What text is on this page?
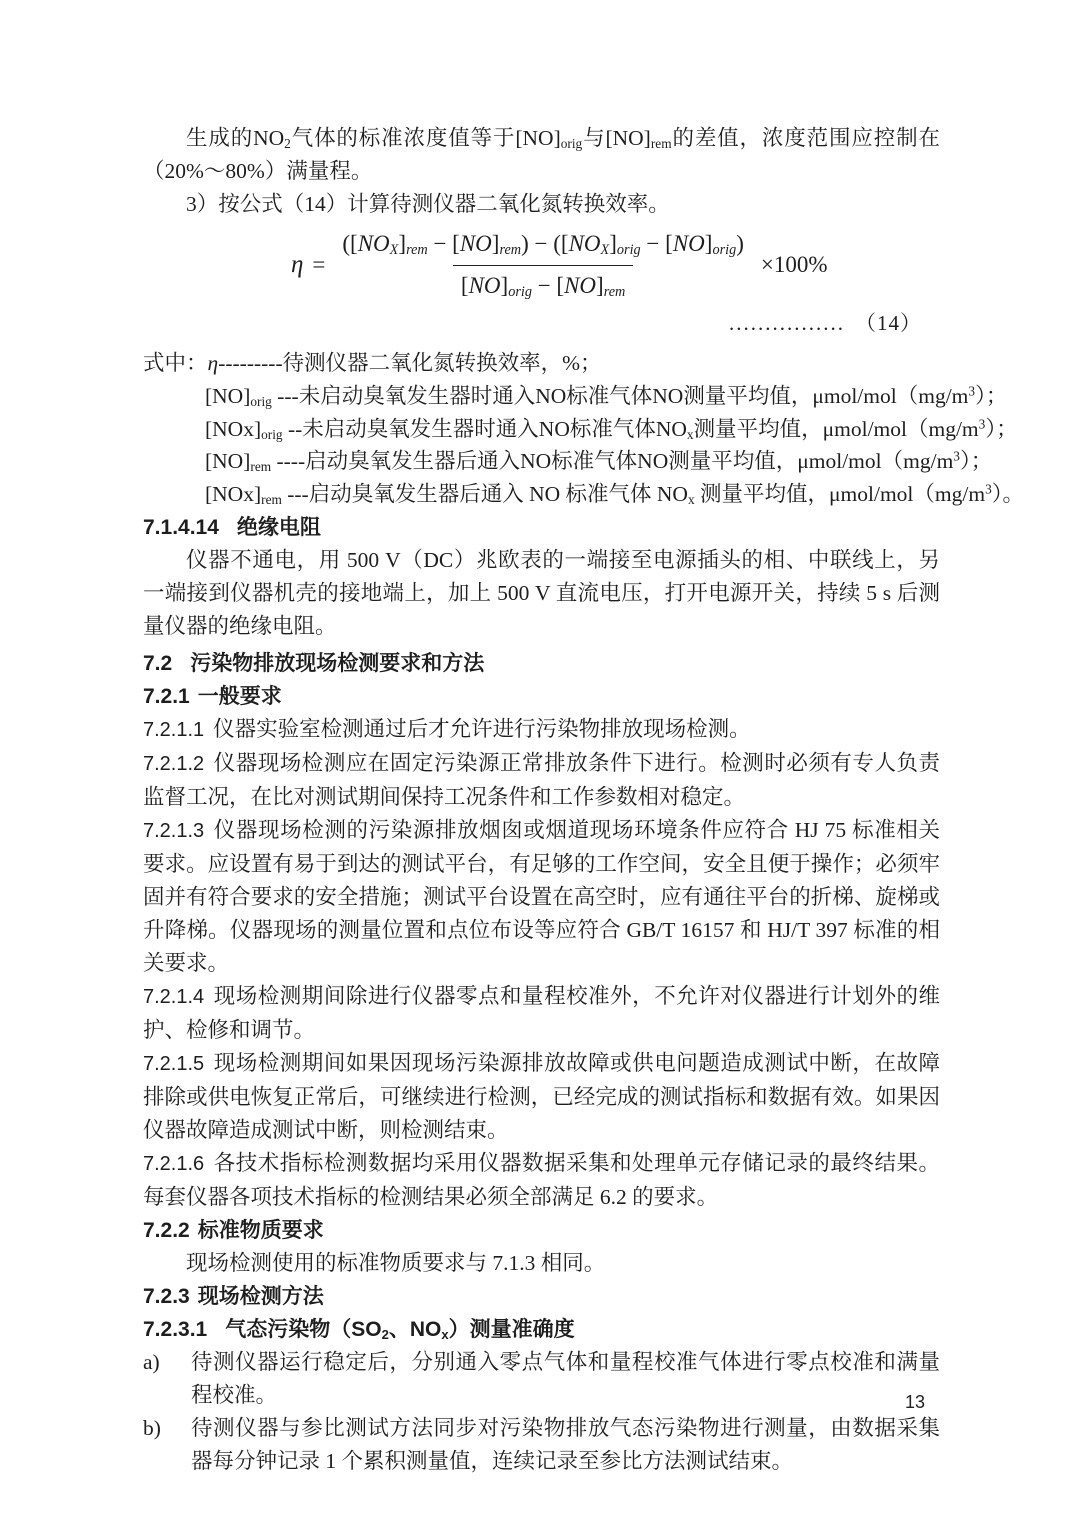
生成的$NO_2$气体的标准浓度值等于$[NO]_{orig}$与$[NO]_{rem}$的差值，浓度范围应控制在（20%～80%）满量程。

3）按公式（14）计算待测仪器二氧化氮转换效率。

$\eta = \frac{([NO_X]_{rem} - [NO]_{rem}) - ([NO_X]_{orig} - [NO]_{orig})}{[NO]_{orig} - [NO]_{rem}} \times 100\%$
................ （14）
式中：η---------待测仪器二氧化氮转换效率，%；
$[NO]_{orig}$ ---未启动臭氧发生器时通入NO标准气体NO测量平均值，μmol/$mol(mg/m^3)$；
$[NOx]_{orig}$ --未启动臭氧发生器时通入NO标准气体$NO_x$测量平均值，μmol/$mol(mg/m^3)$；
$[NO]_{rem}$ ----启动臭氧发生器后通入NO标准气体NO测量平均值，μmol/$mol(mg/m^3)$；
$[NOx]_{rem}$ ---启动臭氧发生器后通入 NO 标准气体 $NO_x$ 测量平均值，μmol/$mol(mg/m^3)$。
7.1.4.14 绝缘电阻

仪器不通电，用 500 V（DC）兆欧表的一端接至电源插头的相、中联线上，另一端接到仪器机壳的接地端上，加上 500 V 直流电压，打开电源开关，持续 5 s 后测量仪器的绝缘电阻。

7.2 污染物排放现场检测要求和方法
7.2.1 一般要求

7.2.1.1 仪器实验室检测通过后才允许进行污染物排放现场检测。

7.2.1.2 仪器现场检测应在固定污染源正常排放条件下进行。检测时必须有专人负责监督工况，在比对测试期间保持工况条件和工作参数相对稳定。

7.2.1.3 仪器现场检测的污染源排放烟囱或烟道现场环境条件应符合 HJ 75 标准相关要求。应设置有易于到达的测试平台，有足够的工作空间，安全且便于操作；必须牢固并有符合要求的安全措施；测试平台设置在高空时，应有通往平台的折梯、旋梯或升降梯。仪器现场的测量位置和点位布设等应符合 GB/T 16157 和 HJ/T 397 标准的相关要求。

7.2.1.4 现场检测期间除进行仪器零点和量程校准外，不允许对仪器进行计划外的维护、检修和调节。

7.2.1.5 现场检测期间如果因现场污染源排放故障或供电问题造成测试中断，在故障排除或供电恢复正常后，可继续进行检测，已经完成的测试指标和数据有效。如果因仪器故障造成测试中断，则检测结束。

7.2.1.6 各技术指标检测数据均采用仪器数据采集和处理单元存储记录的最终结果。每套仪器各项技术指标的检测结果必须全部满足 6.2 的要求。

7.2.2 标准物质要求

现场检测使用的标准物质要求与 7.1.3 相同。

7.2.3 现场检测方法
7.2.3.1 气态污染物（$SO_2$、$NO_x$）测量准确度
a) 待测仪器运行稳定后，分别通入零点气体和量程校准气体进行零点校准和满量程校准。
b) 待测仪器与参比测试方法同步对污染物排放气态污染物进行测量，由数据采集器每分钟记录 1 个累积测量值，连续记录至参比方法测试结束。
13
